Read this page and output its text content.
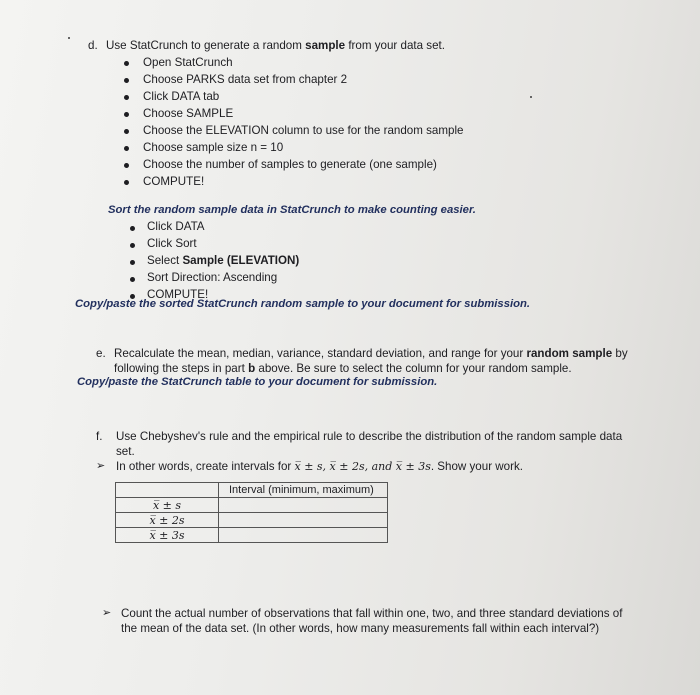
d. Use StatCrunch to generate a random sample from your data set.
Open StatCrunch
Choose PARKS data set from chapter 2
Click DATA tab
Choose SAMPLE
Choose the ELEVATION column to use for the random sample
Choose sample size n = 10
Choose the number of samples to generate (one sample)
COMPUTE!
Sort the random sample data in StatCrunch to make counting easier.
Click DATA
Click Sort
Select Sample (ELEVATION)
Sort Direction: Ascending
COMPUTE!
Copy/paste the sorted StatCrunch random sample to your document for submission.
e. Recalculate the mean, median, variance, standard deviation, and range for your random sample by
following the steps in part b above. Be sure to select the column for your random sample.
Copy/paste the StatCrunch table to your document for submission.
f. Use Chebyshev's rule and the empirical rule to describe the distribution of the random sample data
set.
➢ In other words, create intervals for x̅ ± s, x̅ ± 2s, and x̅ ± 3s. Show your work.
	Interval (minimum, maximum)
x̅ ± s	
x̅ ± 2s	
x̅ ± 3s	
➢ Count the actual number of observations that fall within one, two, and three standard deviations of
the mean of the data set. (In other words, how many measurements fall within each interval?)
